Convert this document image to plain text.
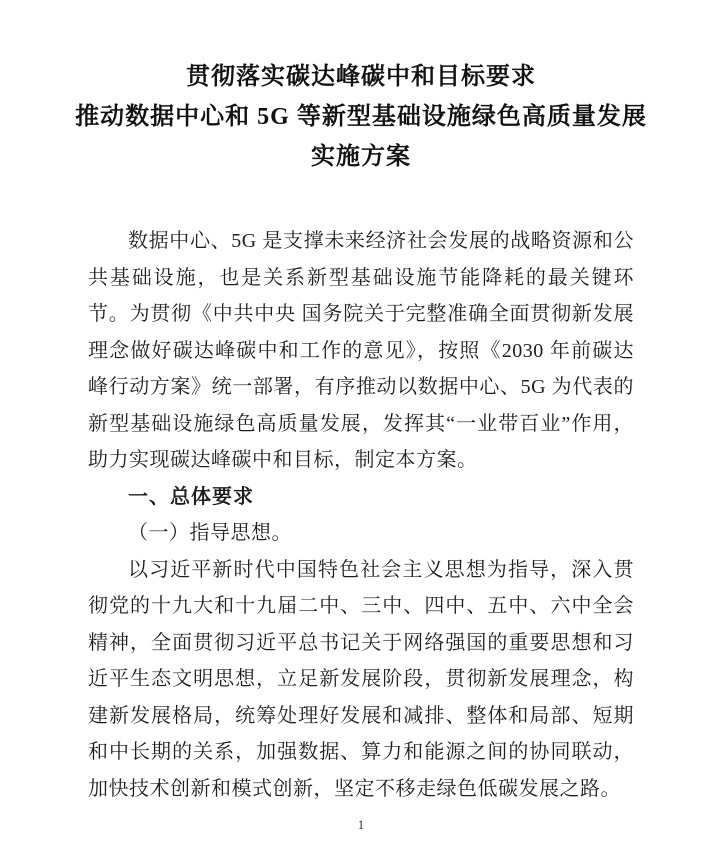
贯彻落实碳达峰碳中和目标要求
推动数据中心和 5G 等新型基础设施绿色高质量发展
实施方案

数据中心、5G 是支撑未来经济社会发展的战略资源和公共基础设施，也是关系新型基础设施节能降耗的最关键环节。为贯彻《中共中央 国务院关于完整准确全面贯彻新发展理念做好碳达峰碳中和工作的意见》，按照《2030 年前碳达峰行动方案》统一部署，有序推动以数据中心、5G 为代表的新型基础设施绿色高质量发展，发挥其“一业带百业”作用，助力实现碳达峰碳中和目标，制定本方案。

一、总体要求

（一）指导思想。

以习近平新时代中国特色社会主义思想为指导，深入贯彻党的十九大和十九届二中、三中、四中、五中、六中全会精神，全面贯彻习近平总书记关于网络强国的重要思想和习近平生态文明思想，立足新发展阶段，贯彻新发展理念，构建新发展格局，统筹处理好发展和减排、整体和局部、短期和中长期的关系，加强数据、算力和能源之间的协同联动，加快技术创新和模式创新，坚定不移走绿色低碳发展之路。

1
